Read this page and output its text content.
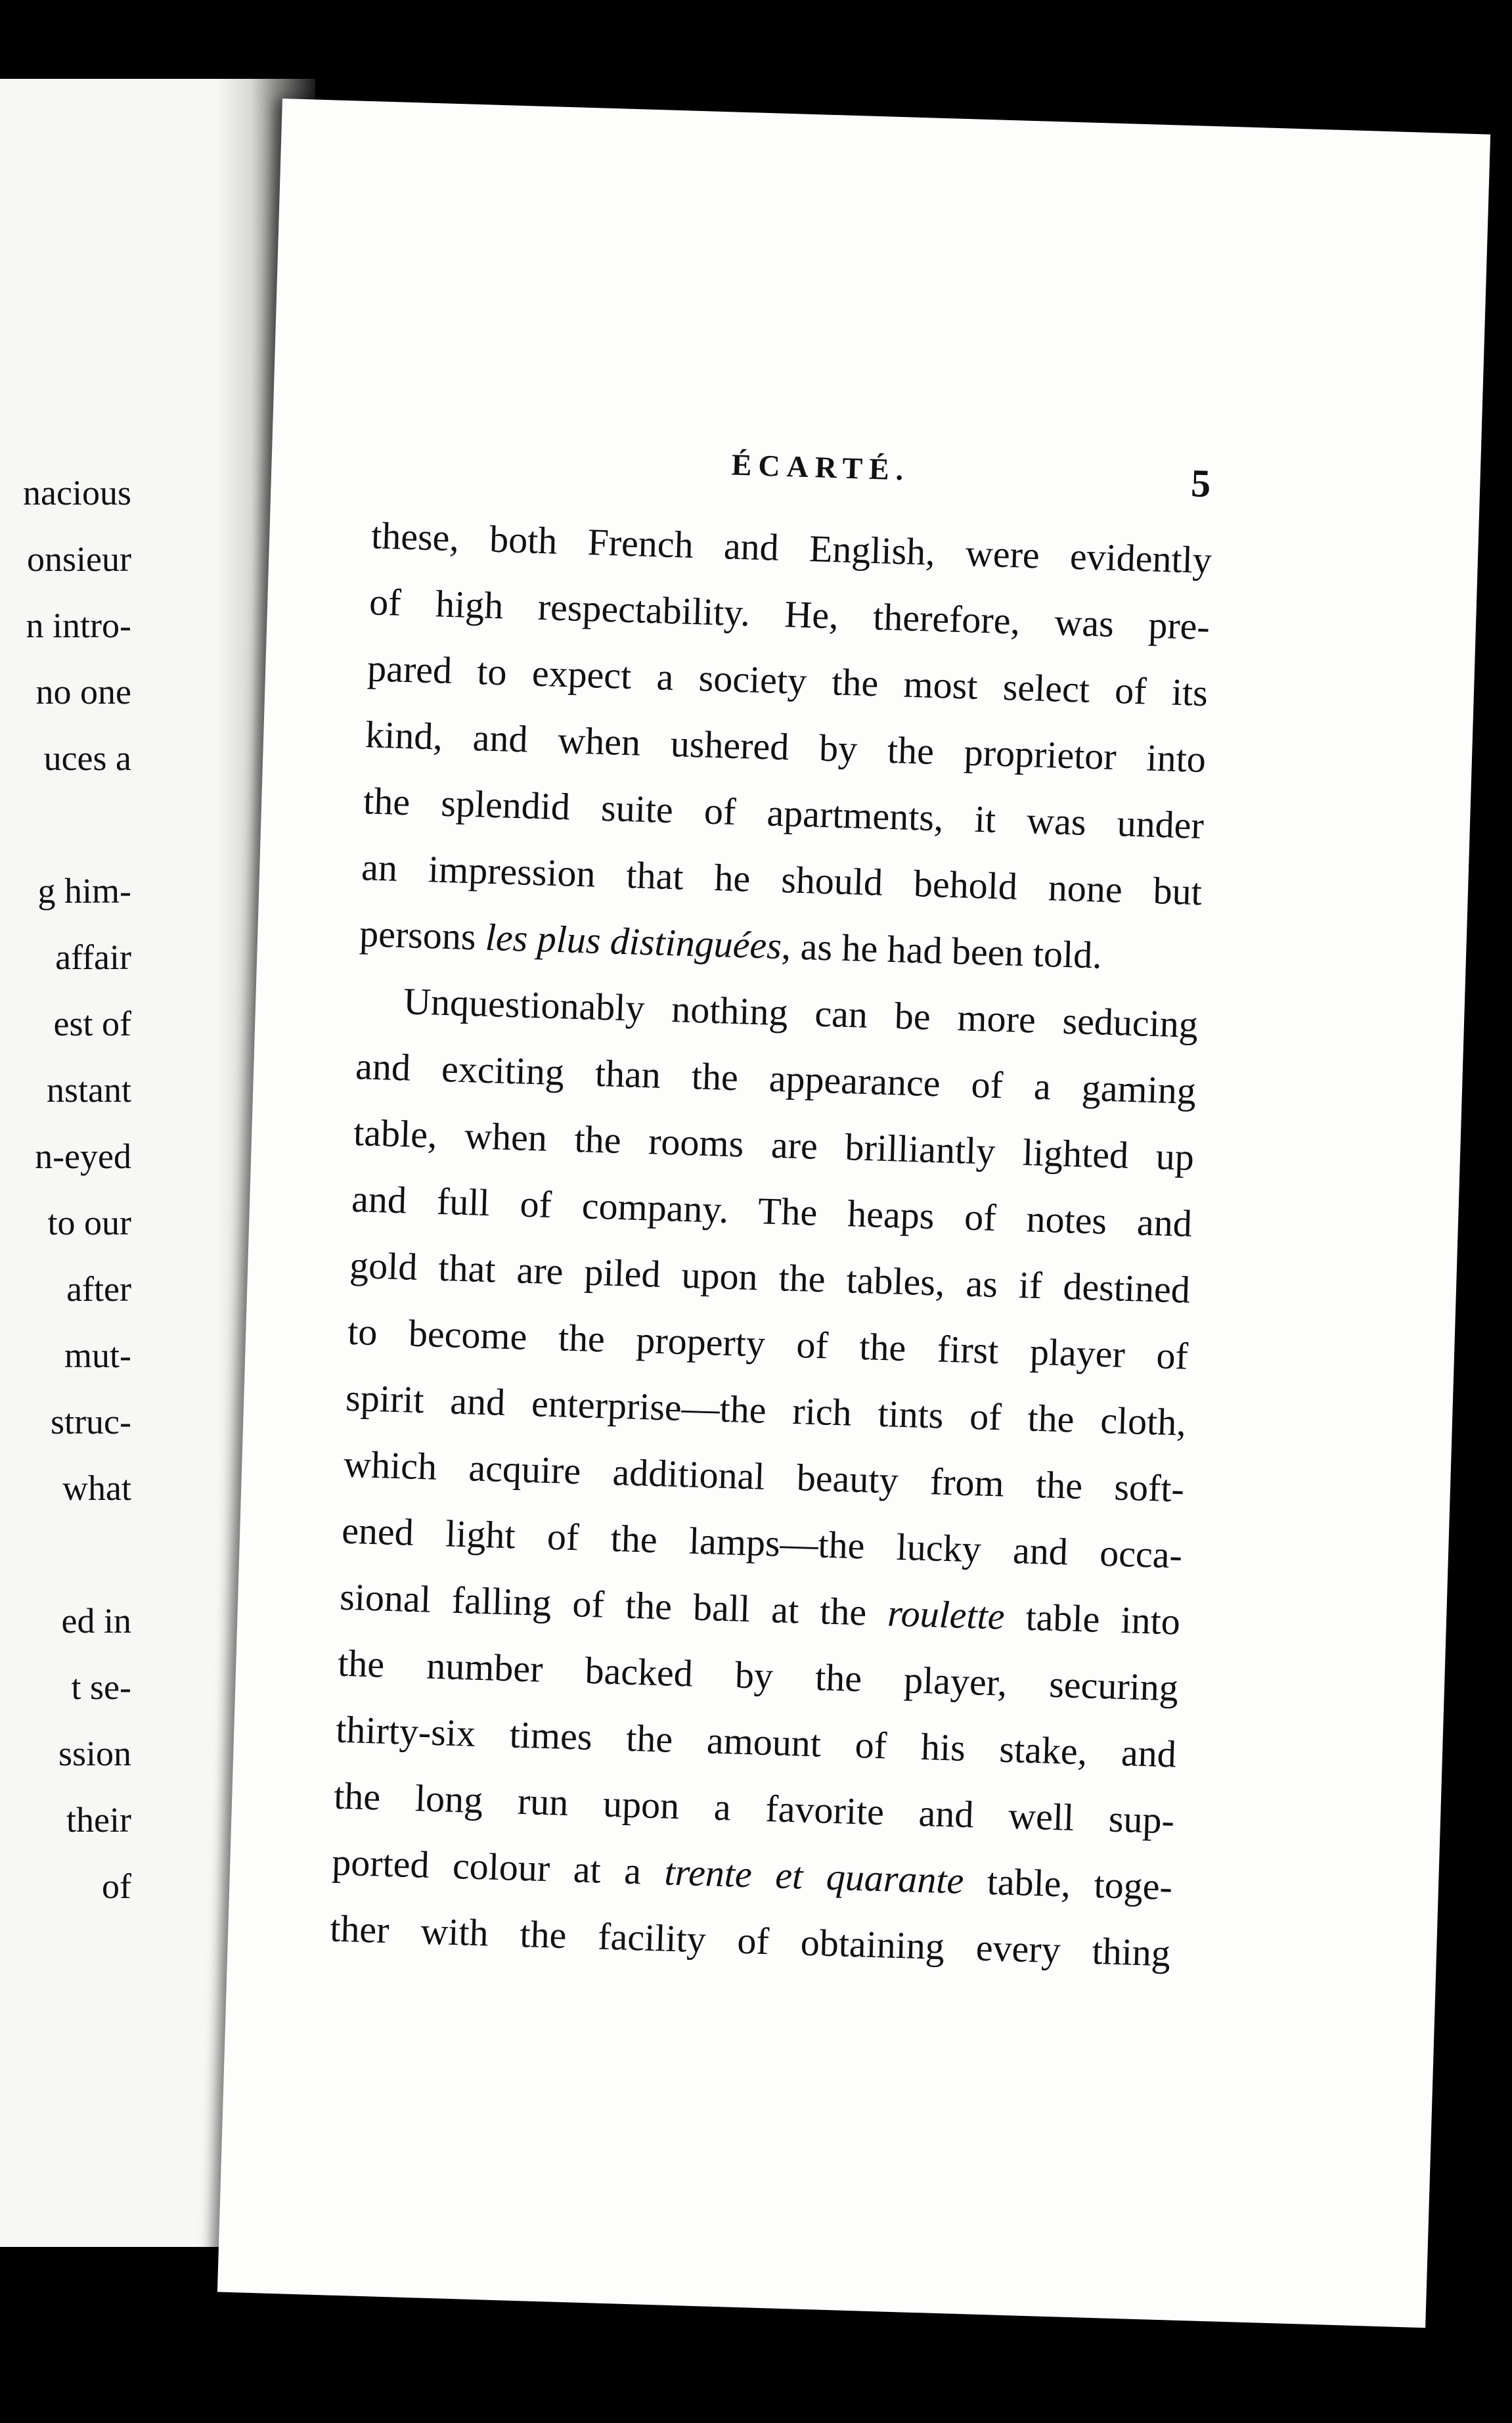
nacious
onsieur
n intro-
no one
uces a

g him-
affair
est of
nstant
n-eyed
to our
after
mut-
struc-
what

ed in
t se-
ssion
their
of
ÉCARTÉ.	5
these, both French and English, were evidently
of high respectability. He, therefore, was pre-
pared to expect a society the most select of its
kind, and when ushered by the proprietor into
the splendid suite of apartments, it was under
an impression that he should behold none but
persons les plus distinguées, as he had been told.
Unquestionably nothing can be more seducing
and exciting than the appearance of a gaming
table, when the rooms are brilliantly lighted up
and full of company. The heaps of notes and
gold that are piled upon the tables, as if destined
to become the property of the first player of
spirit and enterprise—the rich tints of the cloth,
which acquire additional beauty from the soft-
ened light of the lamps—the lucky and occa-
sional falling of the ball at the roulette table into
the number backed by the player, securing
thirty-six times the amount of his stake, and
the long run upon a favorite and well sup-
ported colour at a trente et quarante table, toge-
ther with the facility of obtaining every thing
